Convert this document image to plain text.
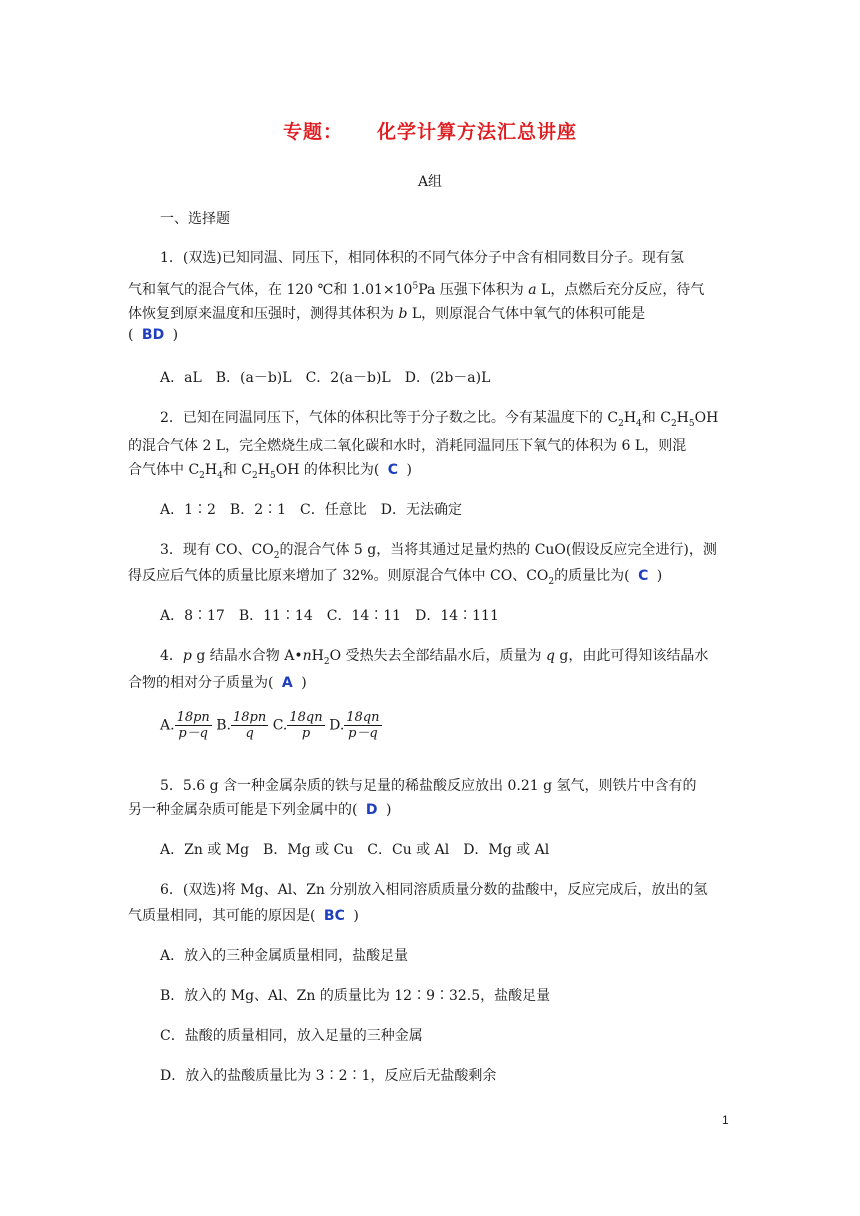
专题： 化学计算方法汇总讲座
A组
一、选择题
1．(双选)已知同温、同压下，相同体积的不同气体分子中含有相同数目分子。现有氢
气和氧气的混合气体，在 120 ℃和 $1.01\times 10^5Pa$ 压强下体积为 a L，点燃后充分反应，待气
体恢复到原来温度和压强时，测得其体积为 b L，则原混合气体中氧气的体积可能是
( BD )
A．aL　B．(a－b)L　C．2(a－b)L　D．(2b－a)L
2．已知在同温同压下，气体的体积比等于分子数之比。今有某温度下的 $C_2H_4$和 $C_2H_5OH$
的混合气体 2 L，完全燃烧生成二氧化碳和水时，消耗同温同压下氧气的体积为 6 L，则混
合气体中 $C_2H_4$和 $C_2H_5OH$ 的体积比为( C )
A．1∶2　B．2∶1　C．任意比　D．无法确定
3．现有 CO、$CO_2$的混合气体 5 g，当将其通过足量灼热的 CuO(假设反应完全进行)，测
得反应后气体的质量比原来增加了 32%。则原混合气体中 CO、$CO_2$的质量比为( C )
A．8∶17　B．11∶14　C．14∶11　D．14∶111
4．p g 结晶水合物 $A•nH_2O$ 受热失去全部结晶水后，质量为 q g，由此可得知该结晶水
合物的相对分子质量为( A )
A. $\frac{18pn}{p-q} B$. $\frac{18pn}{q} C$. $\frac{18qn}{p} D$. $\frac{18qn}{p-q}$
5．5.6 g 含一种金属杂质的铁与足量的稀盐酸反应放出 0.21 g 氢气，则铁片中含有的
另一种金属杂质可能是下列金属中的( D )
A．Zn 或 Mg　B．Mg 或 Cu　C．Cu 或 Al　D．Mg 或 Al
6．(双选)将 Mg、Al、Zn 分别放入相同溶质质量分数的盐酸中，反应完成后，放出的氢
气质量相同，其可能的原因是( BC )
A．放入的三种金属质量相同，盐酸足量
B．放入的 Mg、Al、Zn 的质量比为 12∶9∶32.5，盐酸足量
C．盐酸的质量相同，放入足量的三种金属
D．放入的盐酸质量比为 3∶2∶1，反应后无盐酸剩余
1
